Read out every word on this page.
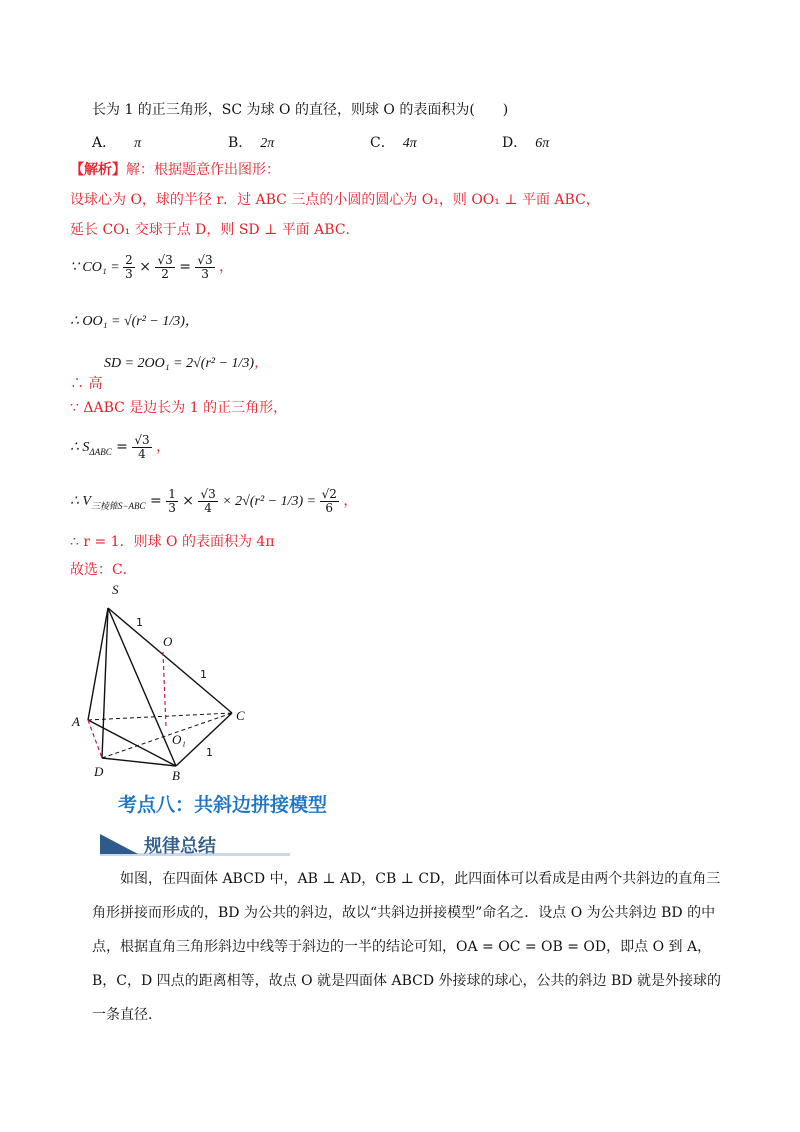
长为 1 的正三角形，SC 为球 O 的直径，则球 O 的表面积为(　　)
A． π	B． 2π	C． 4π	D． 6π
【解析】解：根据题意作出图形：
设球心为 O，球的半径 r．过 ABC 三点的小圆的圆心为 O₁，则 OO₁ ⊥ 平面 ABC，
延长 CO₁ 交球于点 D，则 SD ⊥ 平面 ABC．
∵ $CO_1 = \frac{2}{3} \times \frac{√3}{2} = \frac{√3}{3}$ ，
∴ OO₁ = √(r² − 1/3)，
SD = 2OO₁ = 2√(r² − 1/3)，
∴ 高
∵ ΔABC 是边长为 1 的正三角形，
∴ $S_{\Delta ABC} = \frac{√3}{4}$ ，
∴ $V_{三棱锥S-ABC} = \frac{1}{3} \times \frac{√3}{4} \times 2√(r^2 - 1/3) = \frac{√2}{6}$ ，
∴ r = 1．则球 O 的表面积为 4π
故选：C．
S
O
A	C
O₁
D	B
1
1
1
考点八：共斜边拼接模型
规律总结
如图，在四面体 ABCD 中，AB ⊥ AD，CB ⊥ CD，此四面体可以看成是由两个共斜边的直角三角形拼接而形成的，BD 为公共的斜边，故以“共斜边拼接模型”命名之．设点 O 为公共斜边 BD 的中点，根据直角三角形斜边中线等于斜边的一半的结论可知，OA = OC = OB = OD，即点 O 到 A，B，C，D 四点的距离相等，故点 O 就是四面体 ABCD 外接球的球心，公共的斜边 BD 就是外接球的一条直径．
